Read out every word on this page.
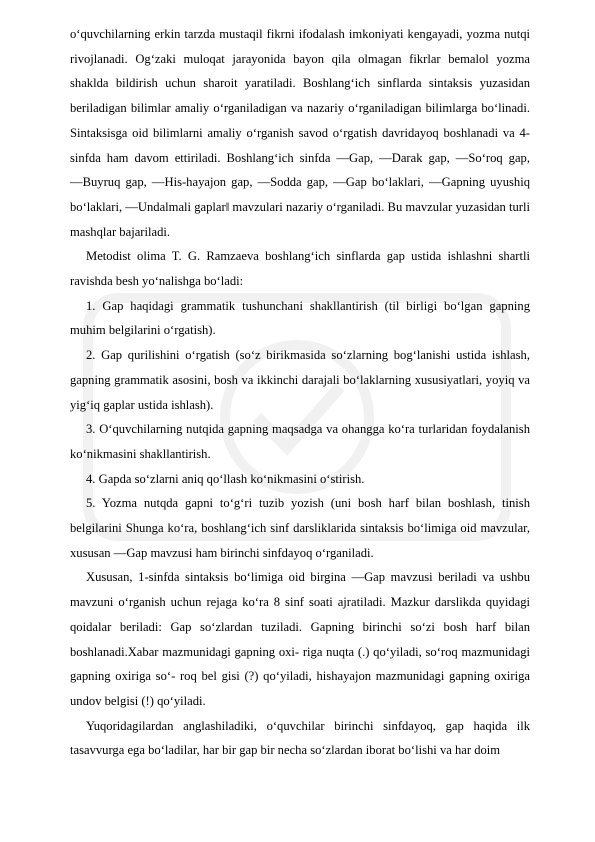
o‘quvchilarning erkin tarzda mustaqil fikrni ifodalash imkoniyati kengayadi, yozma nutqi rivojlanadi. Og‘zaki muloqat jarayonida bayon qila olmagan fikrlar bemalol yozma shaklda bildirish uchun sharoit yaratiladi. Boshlang‘ich sinflarda sintaksis yuzasidan beriladigan bilimlar amaliy o‘rganiladigan va nazariy o‘rganiladigan bilimlarga bo‘linadi. Sintaksisga oid bilimlarni amaliy o‘rganish savod o‘rgatish davridayoq boshlanadi va 4-sinfda ham davom ettiriladi. Boshlang‘ich sinfda ―Gap, ―Darak gap, ―So‘roq gap, ―Buyruq gap, ―His-hayajon gap, ―Sodda gap, ―Gap bo‘laklari, ―Gapning uyushiq bo‘laklari, ―Undalmali gaplar‖ mavzulari nazariy o‘rganiladi. Bu mavzular yuzasidan turli mashqlar bajariladi.

Metodist olima T. G. Ramzaeva boshlang‘ich sinflarda gap ustida ishlashni shartli ravishda besh yo‘nalishga bo‘ladi:

1. Gap haqidagi grammatik tushunchani shakllantirish (til birligi bo‘lgan gapning muhim belgilarini o‘rgatish).

2. Gap qurilishini o‘rgatish (so‘z birikmasida so‘zlarning bog‘lanishi ustida ishlash, gapning grammatik asosini, bosh va ikkinchi darajali bo‘laklarning xususiyatlari, yoyiq va yig‘iq gaplar ustida ishlash).

3. O‘quvchilarning nutqida gapning maqsadga va ohangga ko‘ra turlaridan foydalanish ko‘nikmasini shakllantirish.

4. Gapda so‘zlarni aniq qo‘llash ko‘nikmasini o‘stirish.

5. Yozma nutqda gapni to‘g‘ri tuzib yozish (uni bosh harf bilan boshlash, tinish belgilarini Shunga ko‘ra, boshlang‘ich sinf darsliklarida sintaksis bo‘limiga oid mavzular, xususan ―Gap mavzusi ham birinchi sinfdayoq o‘rganiladi.

Xususan, 1-sinfda sintaksis bo‘limiga oid birgina ―Gap mavzusi beriladi va ushbu mavzuni o‘rganish uchun rejaga ko‘ra 8 sinf soati ajratiladi. Mazkur darslikda quyidagi qoidalar beriladi: Gap so‘zlardan tuziladi. Gapning birinchi so‘zi bosh harf bilan boshlanadi.Xabar mazmunidagi gapning oxi- riga nuqta (.) qo‘yiladi, so‘roq mazmunidagi gapning oxiriga so‘- roq bel gisi (?) qo‘yiladi, hishayajon mazmunidagi gapning oxiriga undov belgisi (!) qo‘yiladi.

Yuqoridagilardan anglashiladiki, o‘quvchilar birinchi sinfdayoq, gap haqida ilk tasavvurga ega bo‘ladilar, har bir gap bir necha so‘zlardan iborat bo‘lishi va har doim
